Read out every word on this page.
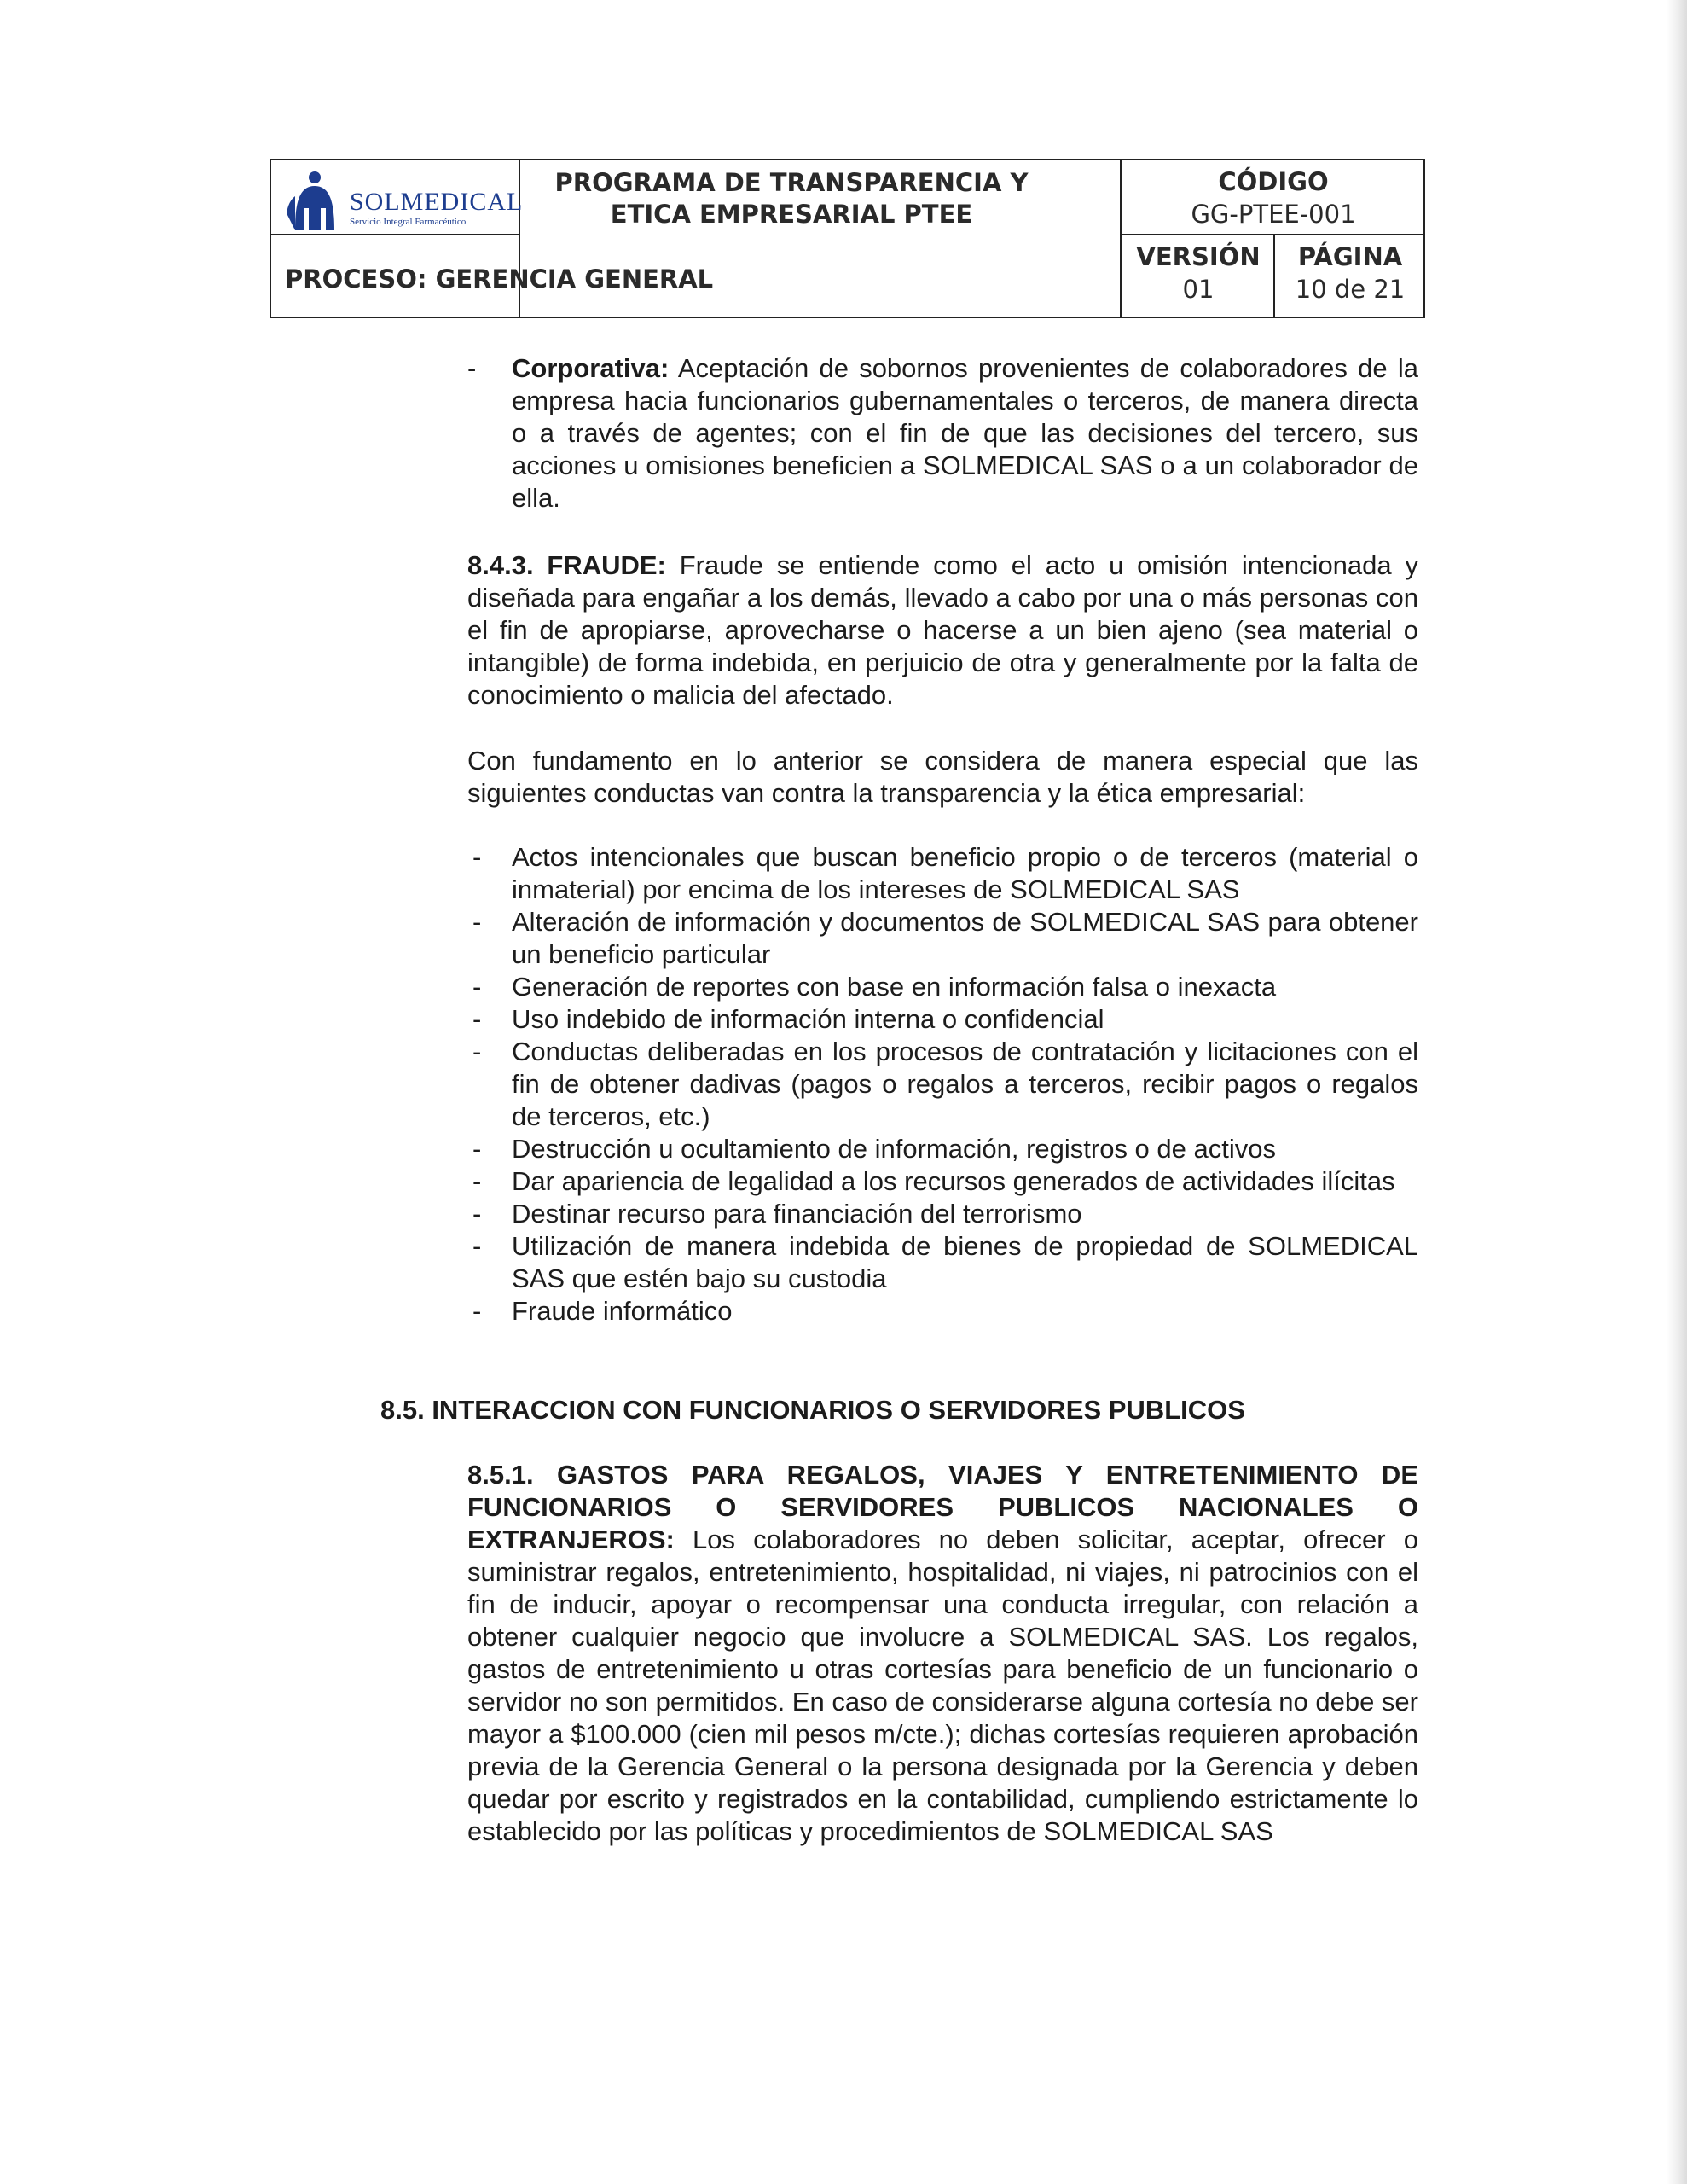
SOLMEDICAL
Servicio Integral Farmacéutico
PROGRAMA DE TRANSPARENCIA Y ETICA EMPRESARIAL PTEE
PROCESO: GERENCIA GENERAL
CÓDIGO
GG-PTEE-001
VERSIÓN
01
PÁGINA
10 de 21
- Corporativa: Aceptación de sobornos provenientes de colaboradores de la empresa hacia funcionarios gubernamentales o terceros, de manera directa o a través de agentes; con el fin de que las decisiones del tercero, sus acciones u omisiones beneficien a SOLMEDICAL SAS o a un colaborador de ella.
8.4.3. FRAUDE: Fraude se entiende como el acto u omisión intencionada y diseñada para engañar a los demás, llevado a cabo por una o más personas con el fin de apropiarse, aprovecharse o hacerse a un bien ajeno (sea material o intangible) de forma indebida, en perjuicio de otra y generalmente por la falta de conocimiento o malicia del afectado.
Con fundamento en lo anterior se considera de manera especial que las siguientes conductas van contra la transparencia y la ética empresarial:
- Actos intencionales que buscan beneficio propio o de terceros (material o inmaterial) por encima de los intereses de SOLMEDICAL SAS
- Alteración de información y documentos de SOLMEDICAL SAS para obtener un beneficio particular
- Generación de reportes con base en información falsa o inexacta
- Uso indebido de información interna o confidencial
- Conductas deliberadas en los procesos de contratación y licitaciones con el fin de obtener dadivas (pagos o regalos a terceros, recibir pagos o regalos de terceros, etc.)
- Destrucción u ocultamiento de información, registros o de activos
- Dar apariencia de legalidad a los recursos generados de actividades ilícitas
- Destinar recurso para financiación del terrorismo
- Utilización de manera indebida de bienes de propiedad de SOLMEDICAL SAS que estén bajo su custodia
- Fraude informático
8.5. INTERACCION CON FUNCIONARIOS O SERVIDORES PUBLICOS
8.5.1. GASTOS PARA REGALOS, VIAJES Y ENTRETENIMIENTO DE FUNCIONARIOS O SERVIDORES PUBLICOS NACIONALES O EXTRANJEROS: Los colaboradores no deben solicitar, aceptar, ofrecer o suministrar regalos, entretenimiento, hospitalidad, ni viajes, ni patrocinios con el fin de inducir, apoyar o recompensar una conducta irregular, con relación a obtener cualquier negocio que involucre a SOLMEDICAL SAS. Los regalos, gastos de entretenimiento u otras cortesías para beneficio de un funcionario o servidor no son permitidos. En caso de considerarse alguna cortesía no debe ser mayor a $100.000 (cien mil pesos m/cte.); dichas cortesías requieren aprobación previa de la Gerencia General o la persona designada por la Gerencia y deben quedar por escrito y registrados en la contabilidad, cumpliendo estrictamente lo establecido por las políticas y procedimientos de SOLMEDICAL SAS
